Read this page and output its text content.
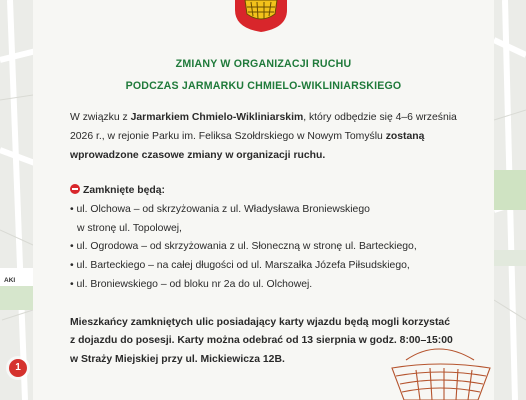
AKI
ZMIANY W ORGANIZACJI RUCHU
PODCZAS JARMARKU CHMIELO-WIKLINIARSKIEGO
W związku z Jarmarkiem Chmielo-Wikliniarskim, który odbędzie się 4–6 września
2026 r., w rejonie Parku im. Feliksa Szołdrskiego w Nowym Tomyślu zostaną
wprowadzone czasowe zmiany w organizacji ruchu.
Zamknięte będą:
• ul. Olchowa – od skrzyżowania z ul. Władysława Broniewskiego
w stronę ul. Topolowej,
• ul. Ogrodowa – od skrzyżowania z ul. Słoneczną w stronę ul. Barteckiego,
• ul. Barteckiego – na całej długości od ul. Marszałka Józefa Piłsudskiego,
• ul. Broniewskiego – od bloku nr 2a do ul. Olchowej.
Mieszkańcy zamkniętych ulic posiadający karty wjazdu będą mogli korzystać
z dojazdu do posesji. Karty można odebrać od 13 sierpnia w godz. 8:00–15:00
w Straży Miejskiej przy ul. Mickiewicza 12B.
1
